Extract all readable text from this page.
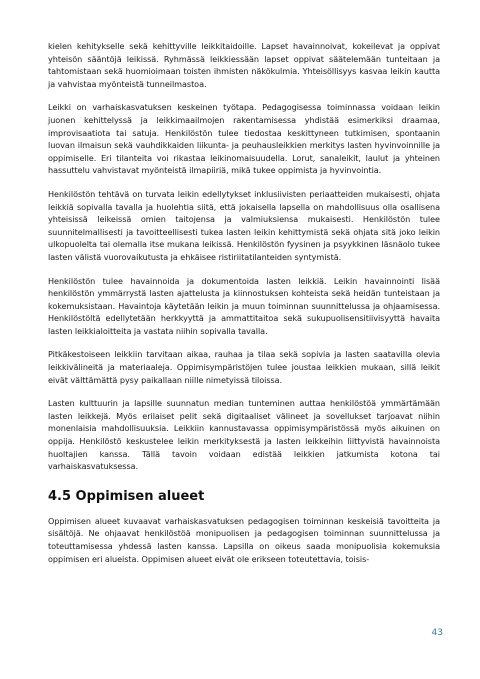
kielen kehitykselle sekä kehittyville leikkitaidoille. Lapset havainnoivat, kokeilevat ja oppivat yhteisön sääntöjä leikissä. Ryhmässä leikkiessään lapset oppivat säätelemään tunteitaan ja tahtomistaan sekä huomioimaan toisten ihmisten näkökulmia. Yhteisöllisyys kasvaa leikin kautta ja vahvistaa myönteistä tunneilmastoa.

Leikki on varhaiskasvatuksen keskeinen työtapa. Pedagogisessa toiminnassa voidaan leikin juonen kehittelyssä ja leikkimaailmojen rakentamisessa yhdistää esimerkiksi draamaa, improvisaatiota tai satuja. Henkilöstön tulee tiedostaa keskittyneen tutkimisen, spontaanin luovan ilmaisun sekä vauhdikkaiden liikunta- ja peuhausleikkien merkitys lasten hyvinvoinnille ja oppimiselle. Eri tilanteita voi rikastaa leikinomaisuudella. Lorut, sanaleikit, laulut ja yhteinen hassuttelu vahvistavat myönteistä ilmapiiriä, mikä tukee oppimista ja hyvinvointia.

Henkilöstön tehtävä on turvata leikin edellytykset inklusiivisten periaatteiden mukaisesti, ohjata leikkiä sopivalla tavalla ja huolehtia siitä, että jokaisella lapsella on mahdollisuus olla osallisena yhteisissä leikeissä omien taitojensa ja valmiuksiensa mukaisesti. Henkilöstön tulee suunnitelmallisesti ja tavoitteellisesti tukea lasten leikin kehittymistä sekä ohjata sitä joko leikin ulkopuolelta tai olemalla itse mukana leikissä. Henkilöstön fyysinen ja psyykkinen läsnäolo tukee lasten välistä vuorovaikutusta ja ehkäisee ristiriitatilanteiden syntymistä.

Henkilöstön tulee havainnoida ja dokumentoida lasten leikkiä. Leikin havainnointi lisää henkilöstön ymmärrystä lasten ajattelusta ja kiinnostuksen kohteista sekä heidän tunteistaan ja kokemuksistaan. Havaintoja käytetään leikin ja muun toiminnan suunnittelussa ja ohjaamisessa. Henkilöstöltä edellytetään herkkyyttä ja ammattitaitoa sekä sukupuolisensitiivisyyttä havaita lasten leikkialoitteita ja vastata niihin sopivalla tavalla.

Pitkäkestoiseen leikkiin tarvitaan aikaa, rauhaa ja tilaa sekä sopivia ja lasten saatavilla olevia leikkivälineitä ja materiaaleja. Oppimisympäristöjen tulee joustaa leikkien mukaan, sillä leikit eivät välttämättä pysy paikallaan niille nimetyissä tiloissa.

Lasten kulttuurin ja lapsille suunnatun median tunteminen auttaa henkilöstöä ymmärtämään lasten leikkejä. Myös erilaiset pelit sekä digitaaliset välineet ja sovellukset tarjoavat niihin monenlaisia mahdollisuuksia. Leikkiin kannustavassa oppimisympäristössä myös aikuinen on oppija. Henkilöstö keskustelee leikin merkityksestä ja lasten leikkeihin liittyvistä havainnoista huoltajien kanssa. Tällä tavoin voidaan edistää leikkien jatkumista kotona tai varhaiskasvatuksessa.

4.5 Oppimisen alueet

Oppimisen alueet kuvaavat varhaiskasvatuksen pedagogisen toiminnan keskeisiä tavoitteita ja sisältöjä. Ne ohjaavat henkilöstöä monipuolisen ja pedagogisen toiminnan suunnittelussa ja toteuttamisessa yhdessä lasten kanssa. Lapsilla on oikeus saada monipuolisia kokemuksia oppimisen eri alueista. Oppimisen alueet eivät ole erikseen toteutettavia, toisis-

43
